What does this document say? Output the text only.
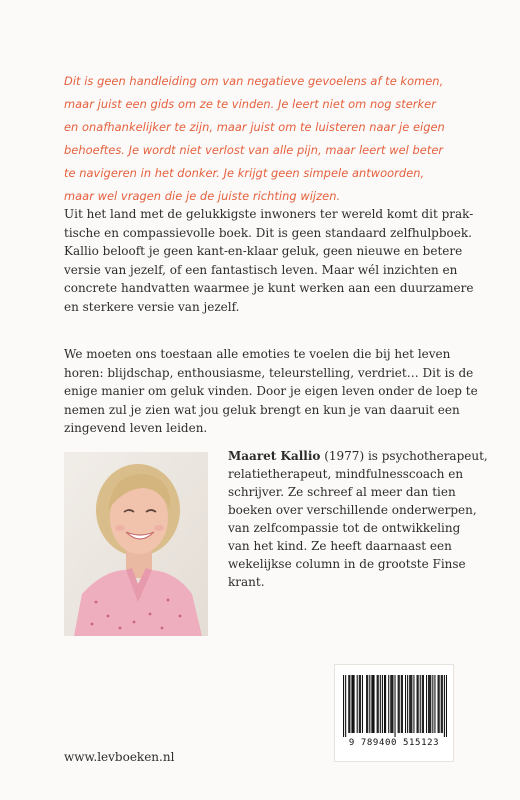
Dit is geen handleiding om van negatieve gevoelens af te komen,
maar juist een gids om ze te vinden. Je leert niet om nog sterker
en onafhankelijker te zijn, maar juist om te luisteren naar je eigen
behoeftes. Je wordt niet verlost van alle pijn, maar leert wel beter
te navigeren in het donker. Je krijgt geen simpele antwoorden,
maar wel vragen die je de juiste richting wijzen.
Uit het land met de gelukkigste inwoners ter wereld komt dit prak-
tische en compassievolle boek. Dit is geen standaard zelfhulpboek.
Kallio belooft je geen kant-en-klaar geluk, geen nieuwe en betere
versie van jezelf, of een fantastisch leven. Maar wél inzichten en
concrete handvatten waarmee je kunt werken aan een duurzamere
en sterkere versie van jezelf.
We moeten ons toestaan alle emoties te voelen die bij het leven
horen: blijdschap, enthousiasme, teleurstelling, verdriet… Dit is de
enige manier om geluk vinden. Door je eigen leven onder de loep te
nemen zul je zien wat jou geluk brengt en kun je van daaruit een
zingevend leven leiden.
Maaret Kallio (1977) is psychotherapeut,
relatietherapeut, mindfulnesscoach en
schrijver. Ze schreef al meer dan tien
boeken over verschillende onderwerpen,
van zelfcompassie tot de ontwikkeling
van het kind. Ze heeft daarnaast een
wekelijkse column in de grootste Finse
krant.
9 789400 515123
www.levboeken.nl
